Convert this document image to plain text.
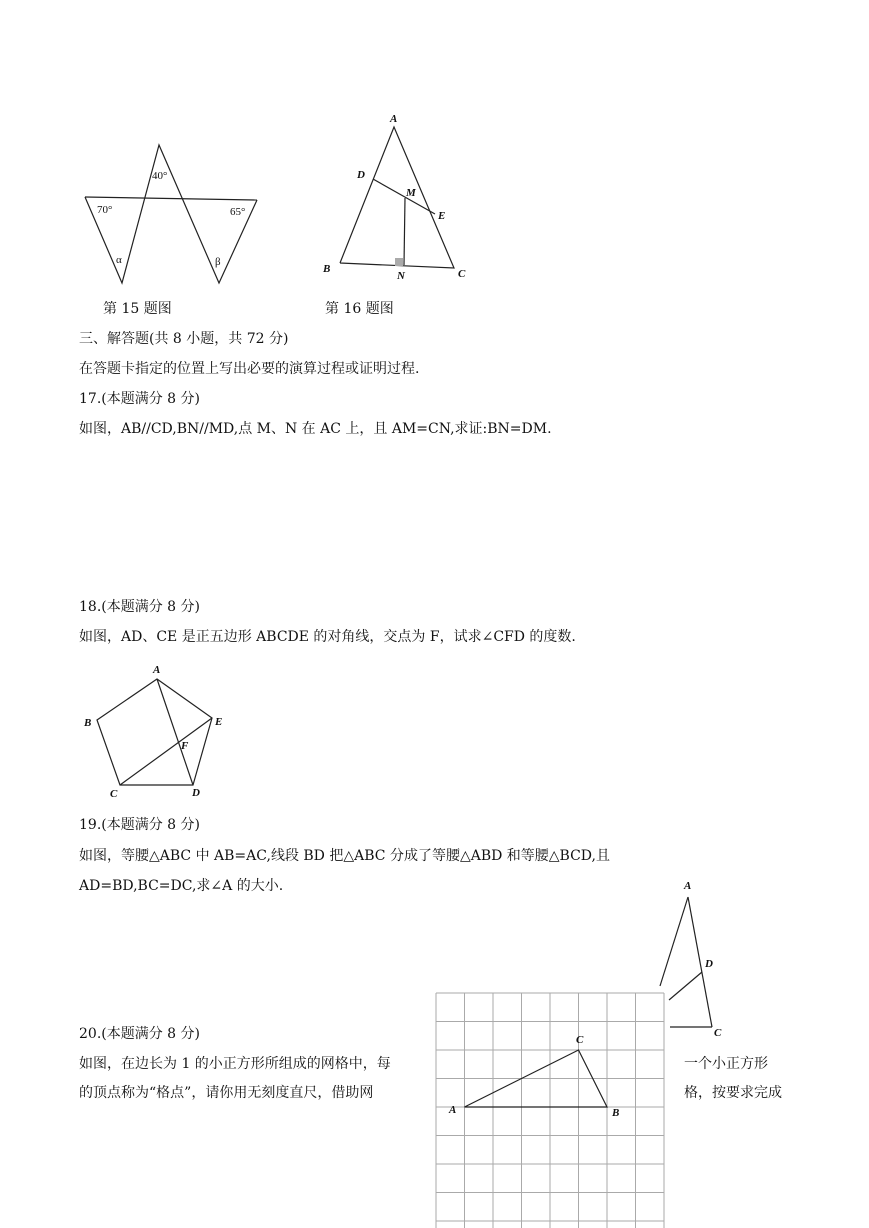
40°
70°	65°
α	β
A
D
M
E
B
N	C
第 15 题图	第 16 题图
三、解答题(共 8 小题，共 72 分)
在答题卡指定的位置上写出必要的演算过程或证明过程.
17.(本题满分 8 分)
如图，AB//CD,BN//MD,点 M、N 在 AC 上，且 AM=CN,求证:BN=DM.
18.(本题满分 8 分)
如图，AD、CE 是正五边形 ABCDE 的对角线，交点为 F，试求∠CFD 的度数.
A
B	E
F
C	D
19.(本题满分 8 分)
如图，等腰△ABC 中 AB=AC,线段 BD 把△ABC 分成了等腰△ABD 和等腰△BCD,且
AD=BD,BC=DC,求∠A 的大小.	A
D
C
20.(本题满分 8 分)
如图，在边长为 1 的小正方形所组成的网格中，每	一个小正方形
的顶点称为“格点”，请你用无刻度直尺，借助网	格，按要求完成
A	B
C
